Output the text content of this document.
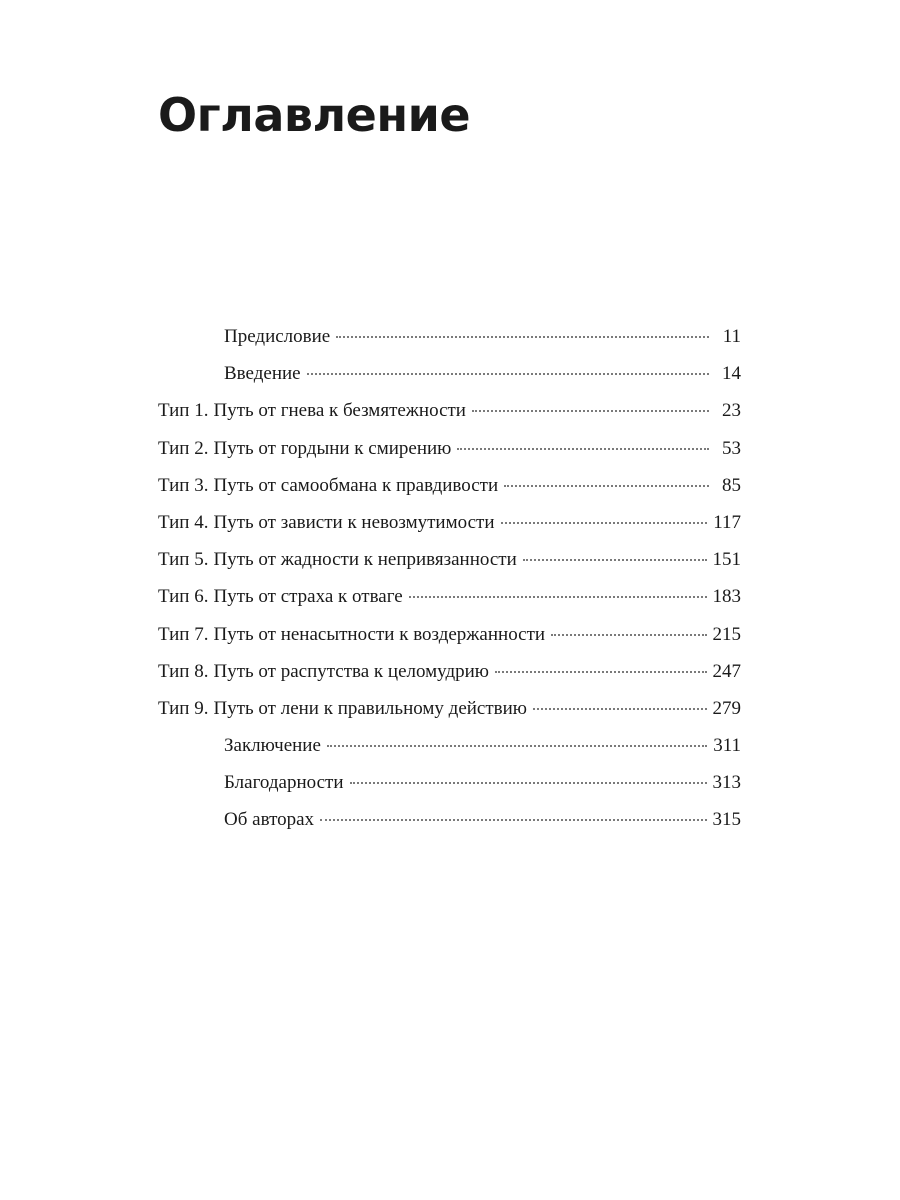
Оглавление
Предисловие	11
Введение	14
Тип 1. Путь от гнева к безмятежности	23
Тип 2. Путь от гордыни к смирению	53
Тип 3. Путь от самообмана к правдивости	85
Тип 4. Путь от зависти к невозмутимости	117
Тип 5. Путь от жадности к непривязанности	151
Тип 6. Путь от страха к отваге	183
Тип 7. Путь от ненасытности к воздержанности	215
Тип 8. Путь от распутства к целомудрию	247
Тип 9. Путь от лени к правильному действию	279
Заключение	311
Благодарности	313
Об авторах	315
